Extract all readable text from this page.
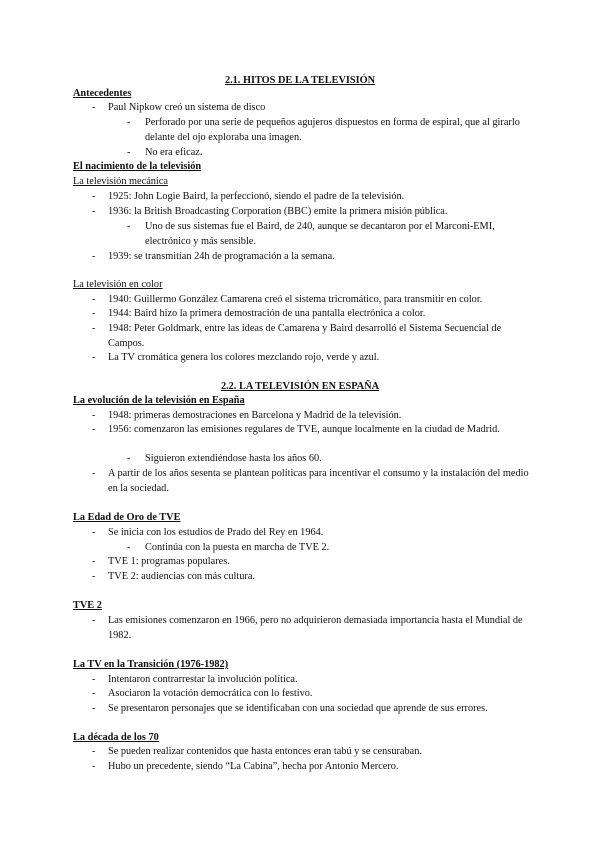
2.1. HITOS DE LA TELEVISIÓN
Antecedentes
- Paul Nipkow creó un sistema de disco
- Perforado por una serie de pequeños agujeros dispuestos en forma de espiral, que al girarlo delante del ojo exploraba una imagen.
- No era eficaz.
El nacimiento de la televisión
La televisión mecánica
- 1925: John Logie Baird, la perfeccionó, siendo el padre de la televisión.
- 1936: la British Broadcasting Corporation (BBC) emite la primera misión pública.
- Uno de sus sistemas fue el Baird, de 240, aunque se decantaron por el Marconi-EMI, electrónico y más sensible.
- 1939: se transmitían 24h de programación a la semana.
La televisión en color
- 1940: Guillermo González Camarena creó el sistema tricromático, para transmitir en color.
- 1944: Baird hizo la primera demostración de una pantalla electrónica a color.
- 1948: Peter Goldmark, entre las ideas de Camarena y Baird desarrolló el Sistema Secuencial de Campos.
- La TV cromática genera los colores mezclando rojo, verde y azul.
2.2. LA TELEVISIÓN EN ESPAÑA
La evolución de la televisión en España
- 1948: primeras demostraciones en Barcelona y Madrid de la televisión.
- 1956: comenzaron las emisiones regulares de TVE, aunque localmente en la ciudad de Madrid.
- Siguieron extendiéndose hasta los años 60.
- A partir de los años sesenta se plantean políticas para incentivar el consumo y la instalación del medio en la sociedad.
La Edad de Oro de TVE
- Se inicia con los estudios de Prado del Rey en 1964.
- Continúa con la puesta en marcha de TVE 2.
- TVE 1: programas populares.
- TVE 2: audiencias con más cultura.
TVE 2
- Las emisiones comenzaron en 1966, pero no adquirieron demasiada importancia hasta el Mundial de 1982.
La TV en la Transición (1976-1982)
- Intentaron contrarrestar la involución política.
- Asociaron la votación democrática con lo festivo.
- Se presentaron personajes que se identificaban con una sociedad que aprende de sus errores.
La década de los 70
- Se pueden realizar contenidos que hasta entonces eran tabú y se censuraban.
- Hubo un precedente, siendo “La Cabina”, hecha por Antonio Mercero.
